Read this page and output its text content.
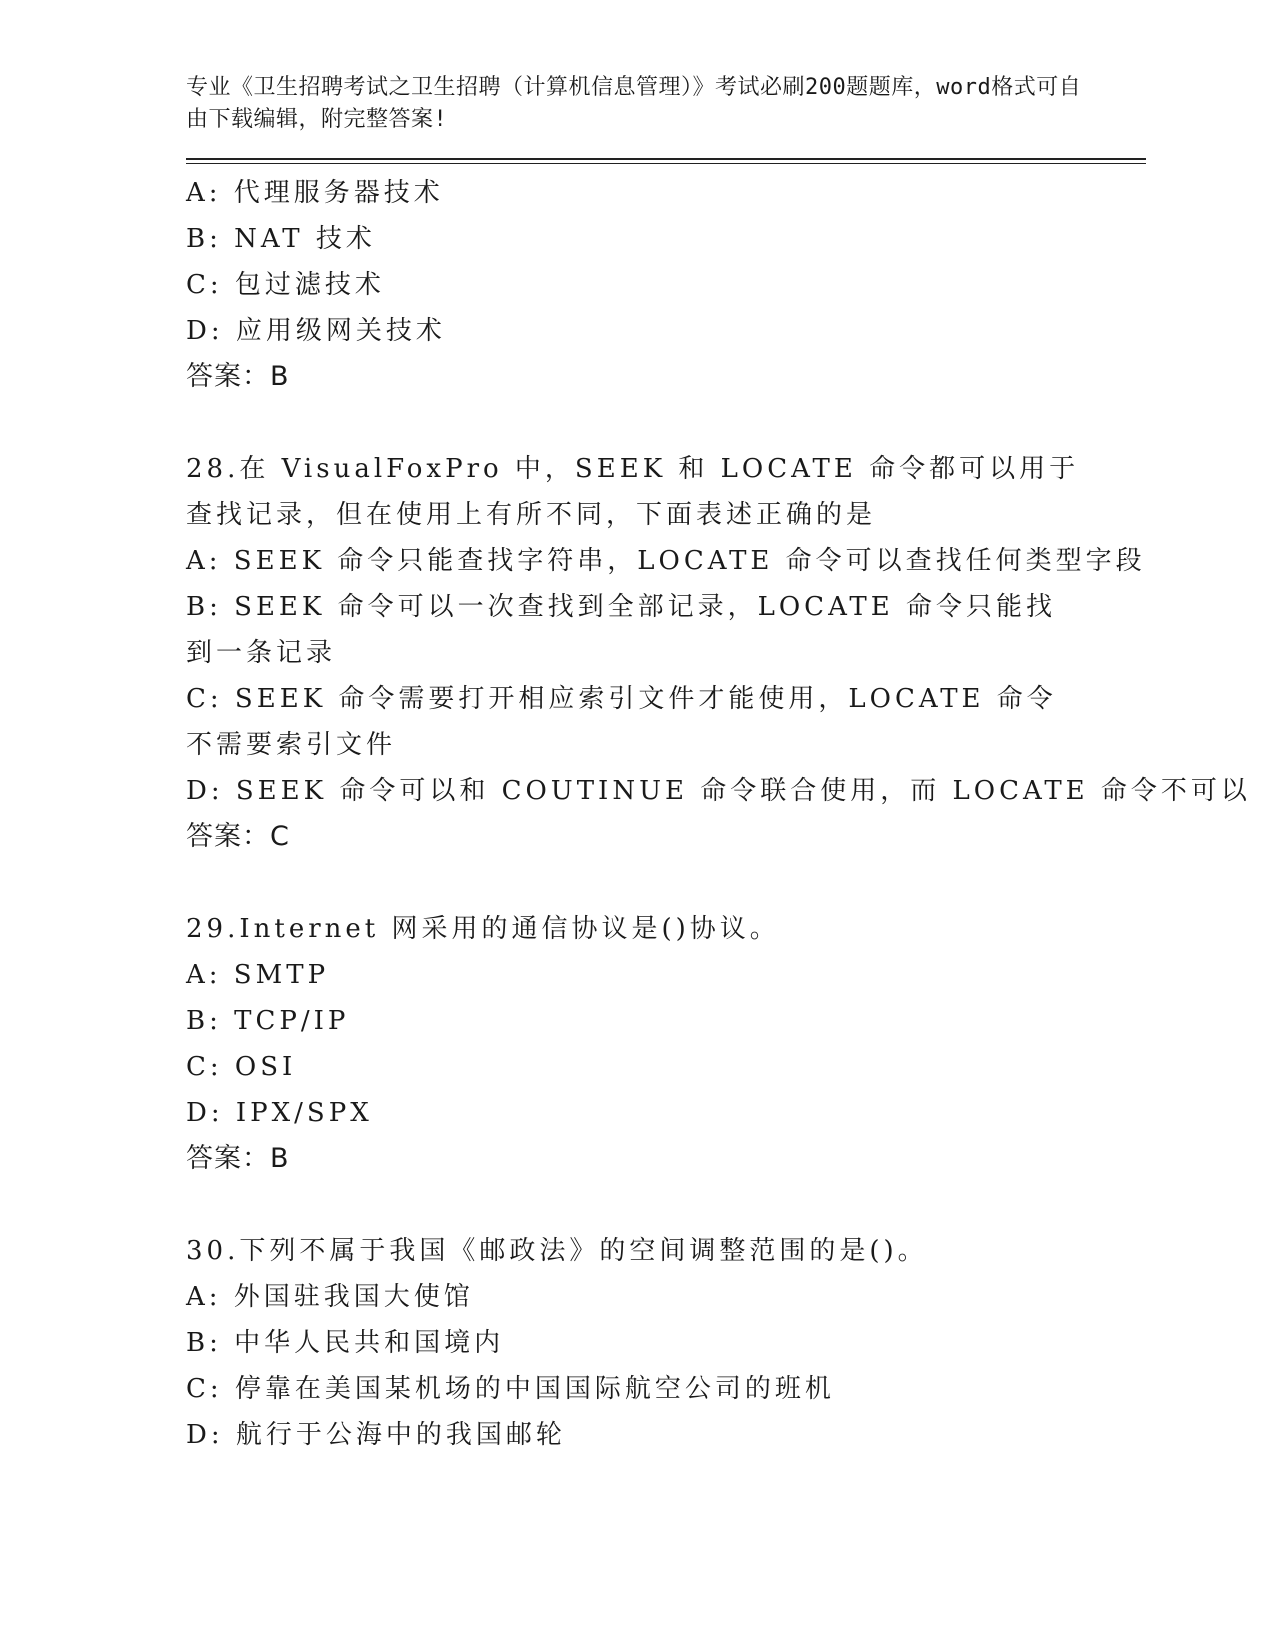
专业《卫生招聘考试之卫生招聘（计算机信息管理）》考试必刷200题题库，word格式可自由下载编辑，附完整答案!
A: 代理服务器技术
B: NAT 技术
C: 包过滤技术
D: 应用级网关技术
答案：B
28.在 VisualFoxPro 中，SEEK 和 LOCATE 命令都可以用于查找记录，但在使用上有所不同，下面表述正确的是
A: SEEK 命令只能查找字符串，LOCATE 命令可以查找任何类型字段
B: SEEK 命令可以一次查找到全部记录，LOCATE 命令只能找到一条记录
C: SEEK 命令需要打开相应索引文件才能使用，LOCATE 命令不需要索引文件
D: SEEK 命令可以和 COUTINUE 命令联合使用，而 LOCATE 命令不可以
答案：C
29.Internet 网采用的通信协议是()协议。
A: SMTP
B: TCP/IP
C: OSI
D: IPX/SPX
答案：B
30.下列不属于我国《邮政法》的空间调整范围的是()。
A: 外国驻我国大使馆
B: 中华人民共和国境内
C: 停靠在美国某机场的中国国际航空公司的班机
D: 航行于公海中的我国邮轮
